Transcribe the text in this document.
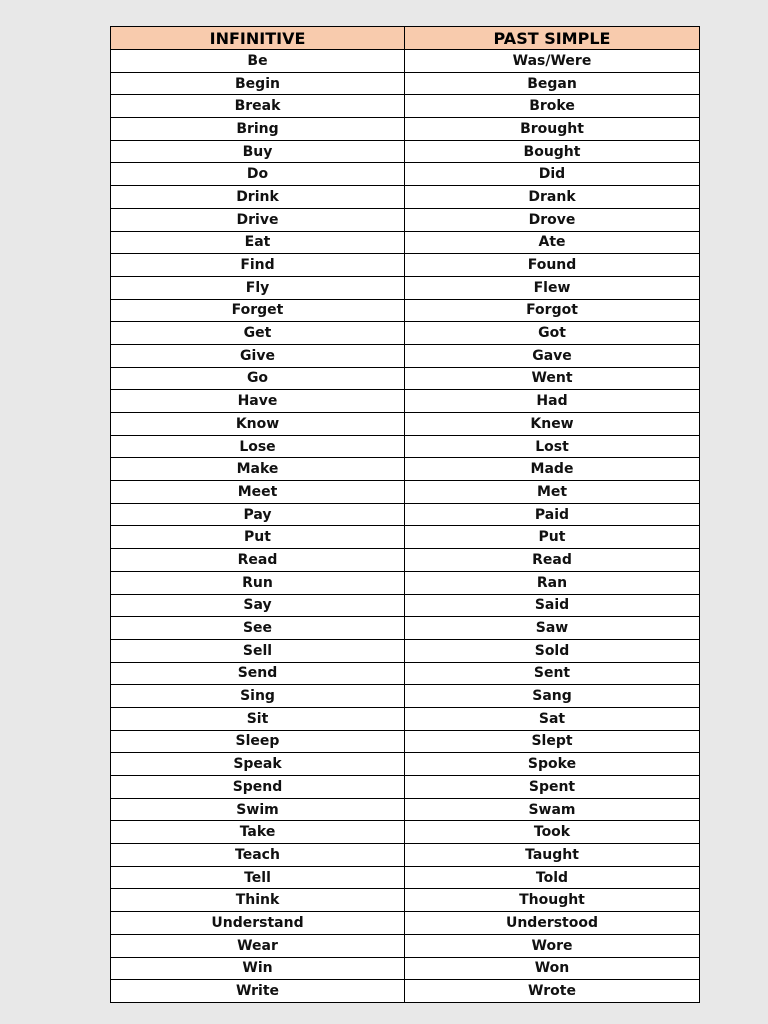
INFINITIVE	PAST SIMPLE
Be	Was/Were
Begin	Began
Break	Broke
Bring	Brought
Buy	Bought
Do	Did
Drink	Drank
Drive	Drove
Eat	Ate
Find	Found
Fly	Flew
Forget	Forgot
Get	Got
Give	Gave
Go	Went
Have	Had
Know	Knew
Lose	Lost
Make	Made
Meet	Met
Pay	Paid
Put	Put
Read	Read
Run	Ran
Say	Said
See	Saw
Sell	Sold
Send	Sent
Sing	Sang
Sit	Sat
Sleep	Slept
Speak	Spoke
Spend	Spent
Swim	Swam
Take	Took
Teach	Taught
Tell	Told
Think	Thought
Understand	Understood
Wear	Wore
Win	Won
Write	Wrote
